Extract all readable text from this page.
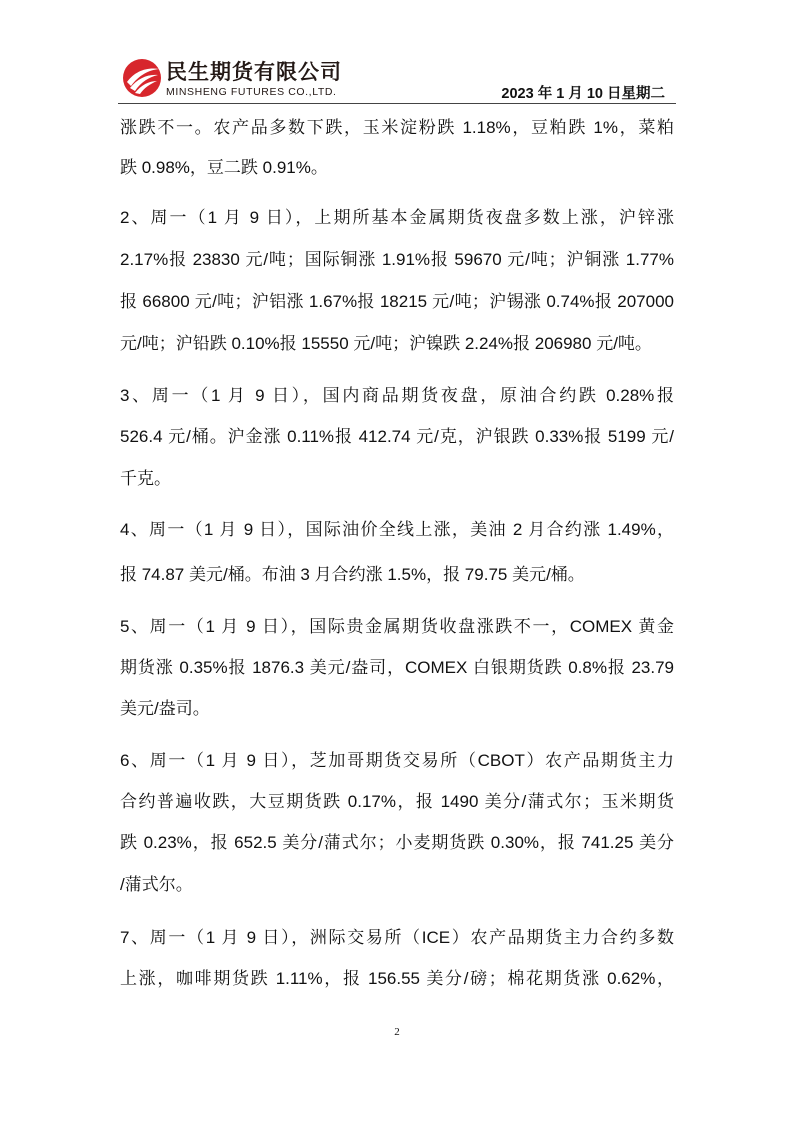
民生期货有限公司
MINSHENG FUTURES CO.,LTD.	2023 年 1 月 10 日星期二
涨跌不一。农产品多数下跌，玉米淀粉跌 1.18%，豆粕跌 1%，菜粕
跌 0.98%，豆二跌 0.91%。
2、周一（1 月 9 日），上期所基本金属期货夜盘多数上涨，沪锌涨
2.17%报 23830 元/吨；国际铜涨 1.91%报 59670 元/吨；沪铜涨 1.77%
报 66800 元/吨；沪铝涨 1.67%报 18215 元/吨；沪锡涨 0.74%报 207000
元/吨；沪铅跌 0.10%报 15550 元/吨；沪镍跌 2.24%报 206980 元/吨。
3、周一（1 月 9 日），国内商品期货夜盘，原油合约跌 0.28%报
526.4 元/桶。沪金涨 0.11%报 412.74 元/克，沪银跌 0.33%报 5199 元/
千克。
4、周一（1 月 9 日），国际油价全线上涨，美油 2 月合约涨 1.49%，
报 74.87 美元/桶。布油 3 月合约涨 1.5%，报 79.75 美元/桶。
5、周一（1 月 9 日），国际贵金属期货收盘涨跌不一，COMEX 黄金
期货涨 0.35%报 1876.3 美元/盎司，COMEX 白银期货跌 0.8%报 23.79
美元/盎司。
6、周一（1 月 9 日），芝加哥期货交易所（CBOT）农产品期货主力
合约普遍收跌，大豆期货跌 0.17%，报 1490 美分/蒲式尔；玉米期货
跌 0.23%，报 652.5 美分/蒲式尔；小麦期货跌 0.30%，报 741.25 美分
/蒲式尔。
7、周一（1 月 9 日），洲际交易所（ICE）农产品期货主力合约多数
上涨，咖啡期货跌 1.11%，报 156.55 美分/磅；棉花期货涨 0.62%，
2
